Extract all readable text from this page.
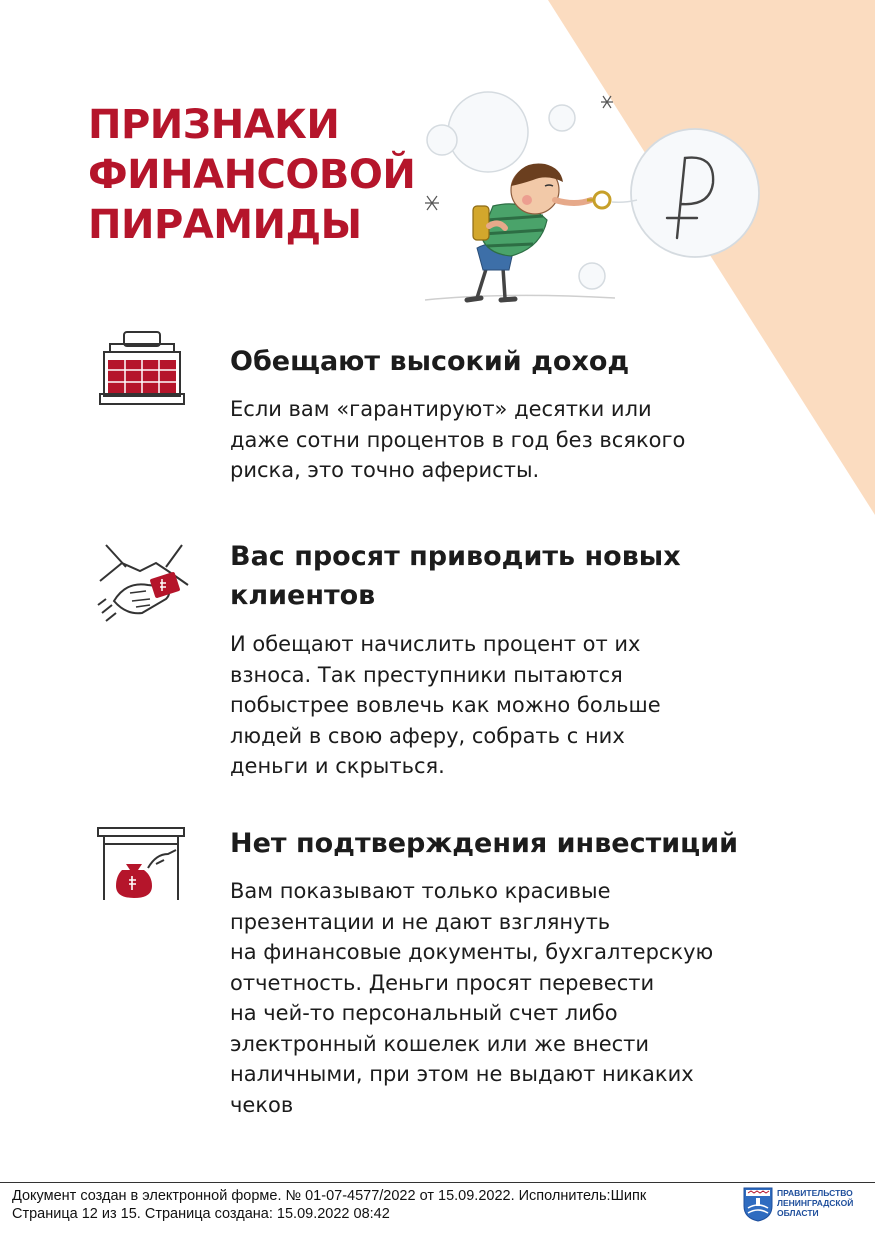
ПРИЗНАКИ
ФИНАНСОВОЙ
ПИРАМИДЫ
Обещают высокий доход

Если вам «гарантируют» десятки или
даже сотни процентов в год без всякого
риска, это точно аферисты.

Вас просят приводить новых
клиентов

И обещают начислить процент от их
взноса. Так преступники пытаются
побыстрее вовлечь как можно больше
людей в свою аферу, собрать с них
деньги и скрыться.

Нет подтверждения инвестиций

Вам показывают только красивые
презентации и не дают взглянуть
на финансовые документы, бухгалтерскую
отчетность. Деньги просят перевести
на чей-то персональный счет либо
электронный кошелек или же внести
наличными, при этом не выдают никаких
чеков

Документ создан в электронной форме. № 01-07-4577/2022 от 15.09.2022. Исполнитель:Шипк
Страница 12 из 15. Страница создана: 15.09.2022 08:42
ПРАВИТЕЛЬСТВО
ЛЕНИНГРАДСКОЙ
ОБЛАСТИ
